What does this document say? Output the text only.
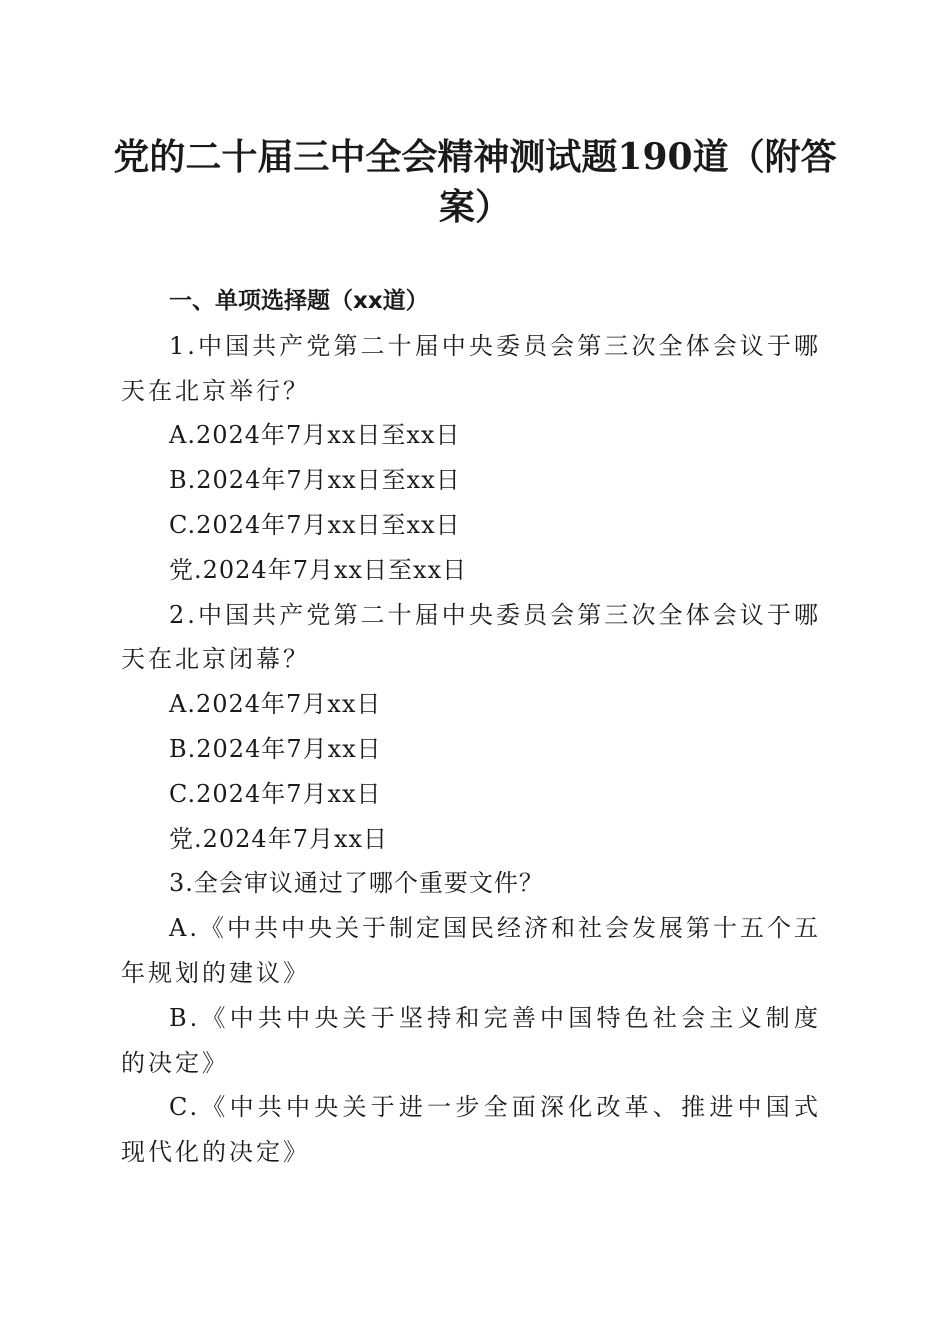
党的二十届三中全会精神测试题190道（附答案）

一、单项选择题（xx道）

1.中国共产党第二十届中央委员会第三次全体会议于哪天在北京举行？

A.2024年7月xx日至xx日

B.2024年7月xx日至xx日

C.2024年7月xx日至xx日

党.2024年7月xx日至xx日

2.中国共产党第二十届中央委员会第三次全体会议于哪天在北京闭幕？

A.2024年7月xx日

B.2024年7月xx日

C.2024年7月xx日

党.2024年7月xx日

3.全会审议通过了哪个重要文件？

A.《中共中央关于制定国民经济和社会发展第十五个五年规划的建议》

B.《中共中央关于坚持和完善中国特色社会主义制度的决定》

C.《中共中央关于进一步全面深化改革、推进中国式现代化的决定》
